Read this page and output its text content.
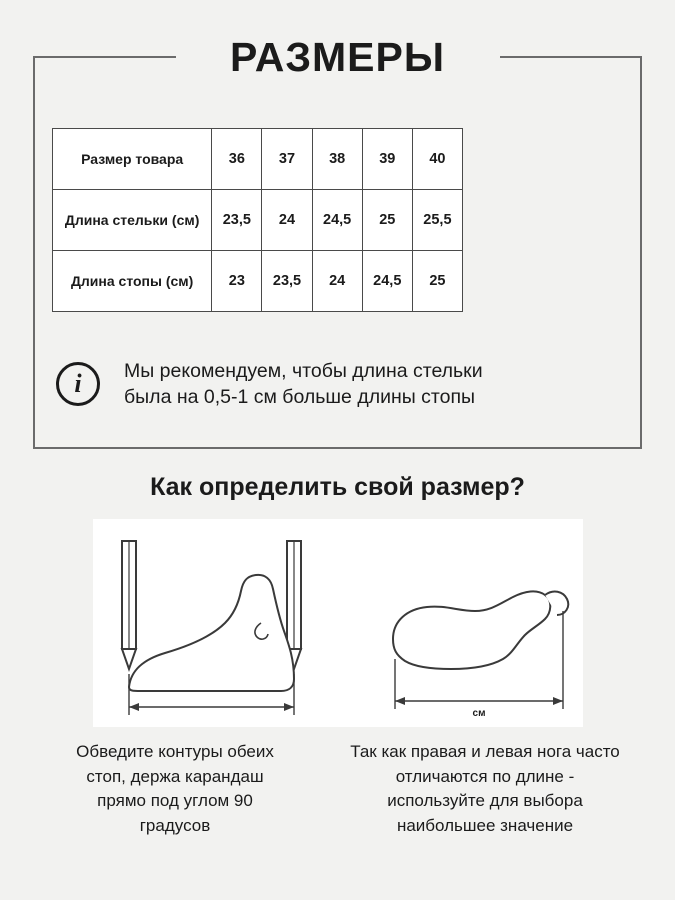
РАЗМЕРЫ
Размер товара	36	37	38	39	40
Длина стельки (см)	23,5	24	24,5	25	25,5
Длина стопы (см)	23	23,5	24	24,5	25
i	Мы рекомендуем, чтобы длина стельки
была на 0,5-1 см больше длины стопы
Как определить свой размер?
см
Обведите контуры обеих стоп, держа карандаш прямо под углом 90 градусов
Так как правая и левая нога часто отличаются по длине - используйте для выбора наибольшее значение
